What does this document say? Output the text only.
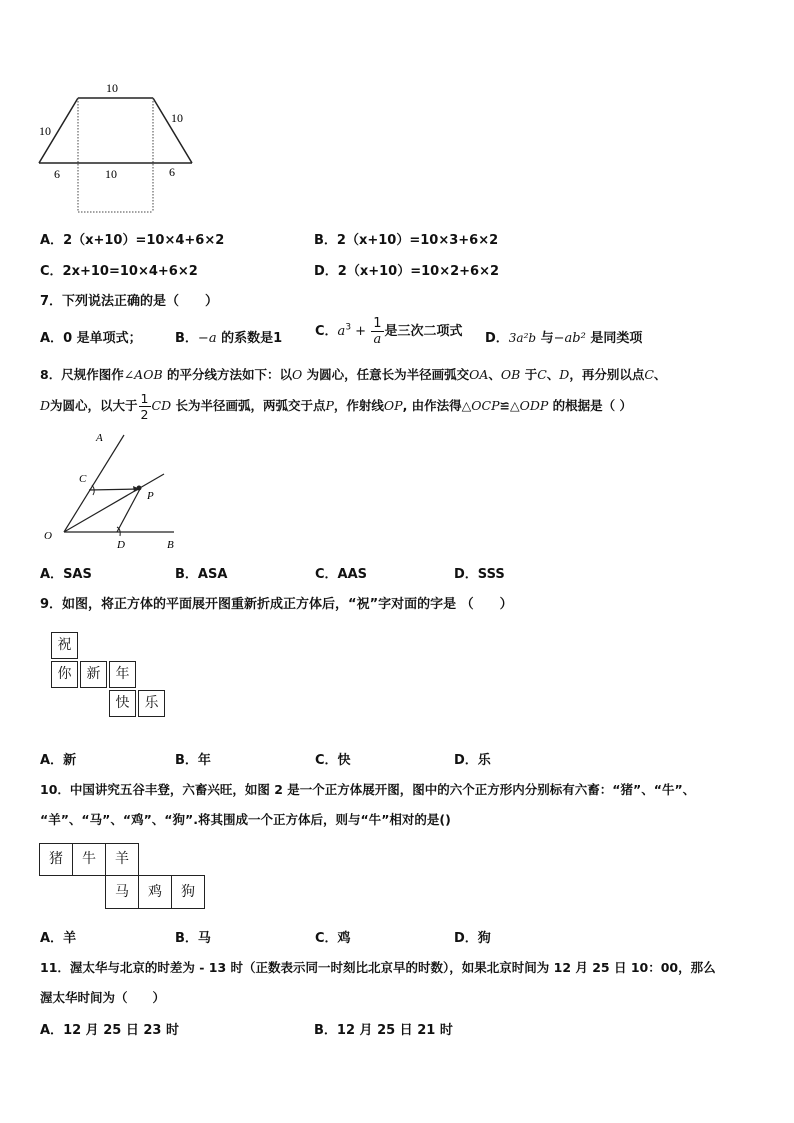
10
10
10
6	10	6
A．2（x+10）=10×4+6×2	B．2（x+10）=10×3+6×2
C．2x+10=10×4+6×2	D．2（x+10）=10×2+6×2
7．下列说法正确的是（　　）
A．0 是单项式；	B．−a 的系数是1	C．$a^3 + \frac{1}{a}$ 是三次二项式 D．3a²b 与−ab² 是同类项
8．尺规作图作∠AOB 的平分线方法如下：以O 为圆心，任意长为半径画弧交OA、OB 于C、D，再分别以点C、
D为圆心，以大于 $\frac{1}{2}$ CD 长为半径画弧，两弧交于点P，作射线OP, 由作法得△OCP≌△ODP 的根据是（ ）
A
C
P
O
D	B
A．SAS	B．ASA	C．AAS	D．SSS
9．如图，将正方体的平面展开图重新折成正方体后，“祝”字对面的字是 （　　）
祝
你	新	年
快	乐
A．新	B．年	C．快	D．乐
10．中国讲究五谷丰登，六畜兴旺，如图 2 是一个正方体展开图，图中的六个正方形内分别标有六畜：“猪”、“牛”、
“羊”、“马”、“鸡”、“狗”.将其围成一个正方体后，则与“牛”相对的是()
猪	牛	羊
马	鸡	狗
A．羊	B．马	C．鸡	D．狗
11．渥太华与北京的时差为 - 13 时（正数表示同一时刻比北京早的时数），如果北京时间为 12 月 25 日 10：00，那么
渥太华时间为（　　）
A．12 月 25 日 23 时	B．12 月 25 日 21 时
